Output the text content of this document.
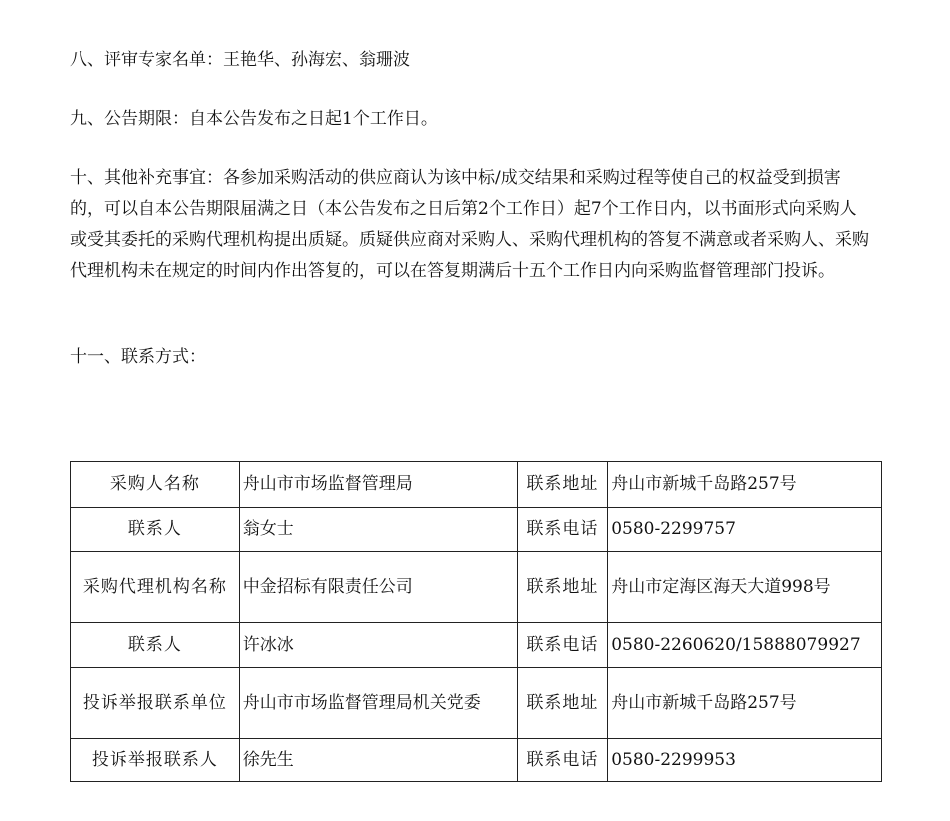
八、评审专家名单：王艳华、孙海宏、翁珊波

九、公告期限：自本公告发布之日起1个工作日。

十、其他补充事宜：各参加采购活动的供应商认为该中标/成交结果和采购过程等使自己的权益受到损害的，可以自本公告期限届满之日（本公告发布之日后第2个工作日）起7个工作日内，以书面形式向采购人或受其委托的采购代理机构提出质疑。质疑供应商对采购人、采购代理机构的答复不满意或者采购人、采购代理机构未在规定的时间内作出答复的，可以在答复期满后十五个工作日内向采购监督管理部门投诉。

十一、联系方式：

采购人名称	舟山市市场监督管理局	联系地址	舟山市新城千岛路257号
联系人	翁女士	联系电话	0580-2299757
采购代理机构名称	中金招标有限责任公司	联系地址	舟山市定海区海天大道998号
联系人	许冰冰	联系电话	0580-2260620/15888079927
投诉举报联系单位	舟山市市场监督管理局机关党委	联系地址	舟山市新城千岛路257号
投诉举报联系人	徐先生	联系电话	0580-2299953
